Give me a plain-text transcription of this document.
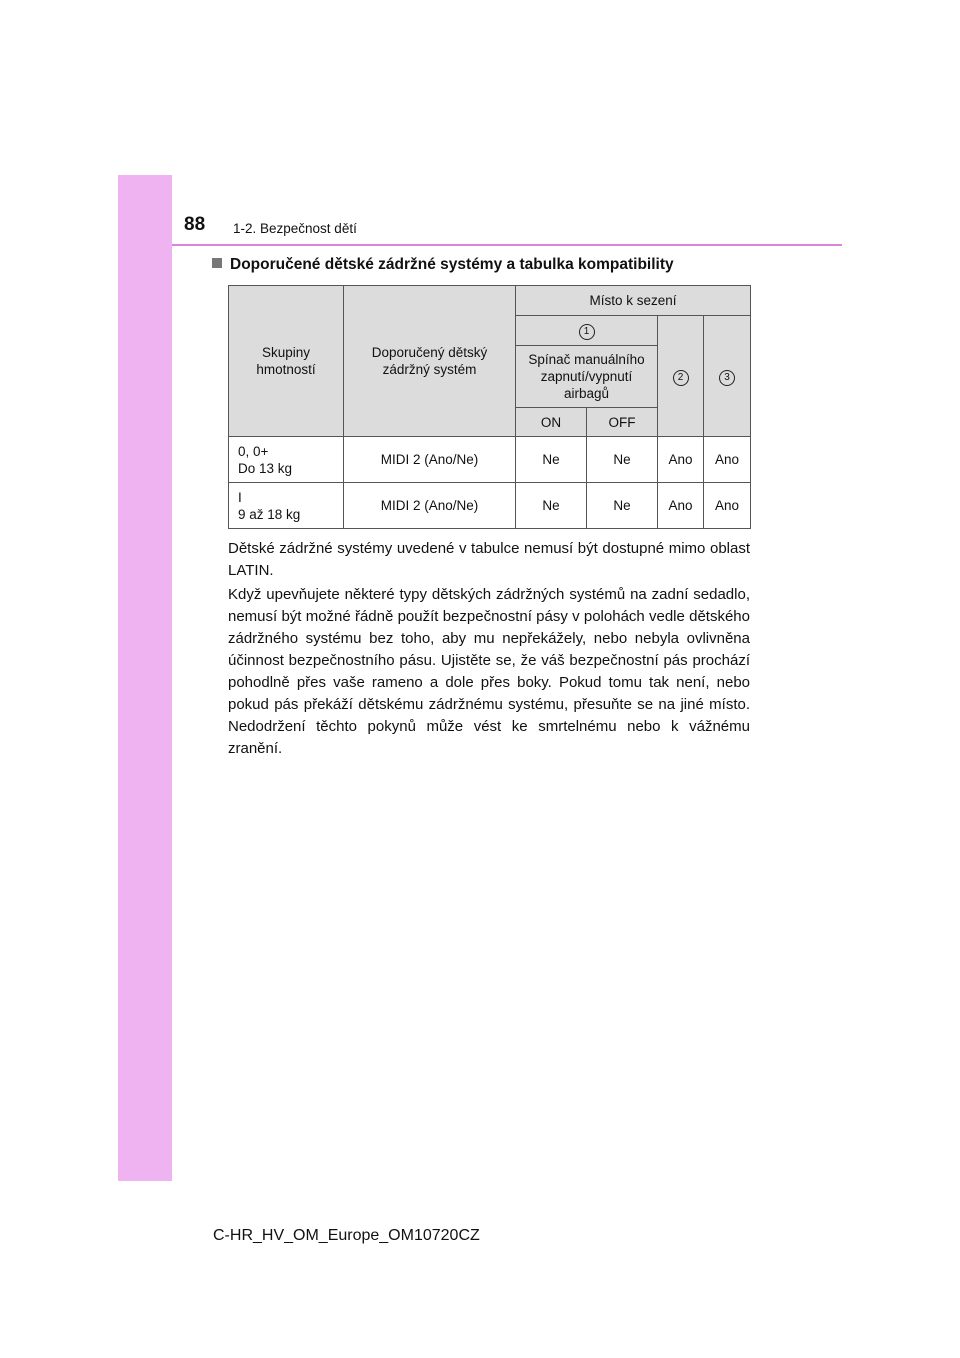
88 1-2. Bezpečnost dětí
Doporučené dětské zádržné systémy a tabulka kompatibility
Skupiny hmotností	Doporučený dětský zádržný systém	Místo k sezení			
		1		2	3
		Spínač manuálního zapnutí/vypnutí airbagů			
		ON	OFF		
0, 0+
Do 13 kg	MIDI 2 (Ano/Ne)	Ne	Ne	Ano	Ano
I
9 až 18 kg	MIDI 2 (Ano/Ne)	Ne	Ne	Ano	Ano

Dětské zádržné systémy uvedené v tabulce nemusí být dostupné mimo oblast LATIN.

Když upevňujete některé typy dětských zádržných systémů na zadní sedadlo, nemusí být možné řádně použít bezpečnostní pásy v polohách vedle dětského zádržného systému bez toho, aby mu nepřekážely, nebo nebyla ovlivněna účinnost bezpečnostního pásu. Ujistěte se, že váš bezpečnostní pás prochází pohodlně přes vaše rameno a dole přes boky. Pokud tomu tak není, nebo pokud pás překáží dětskému zádržnému systému, přesuňte se na jiné místo. Nedodržení těchto pokynů může vést ke smrtelnému nebo k vážnému zranění.

C-HR_HV_OM_Europe_OM10720CZ
